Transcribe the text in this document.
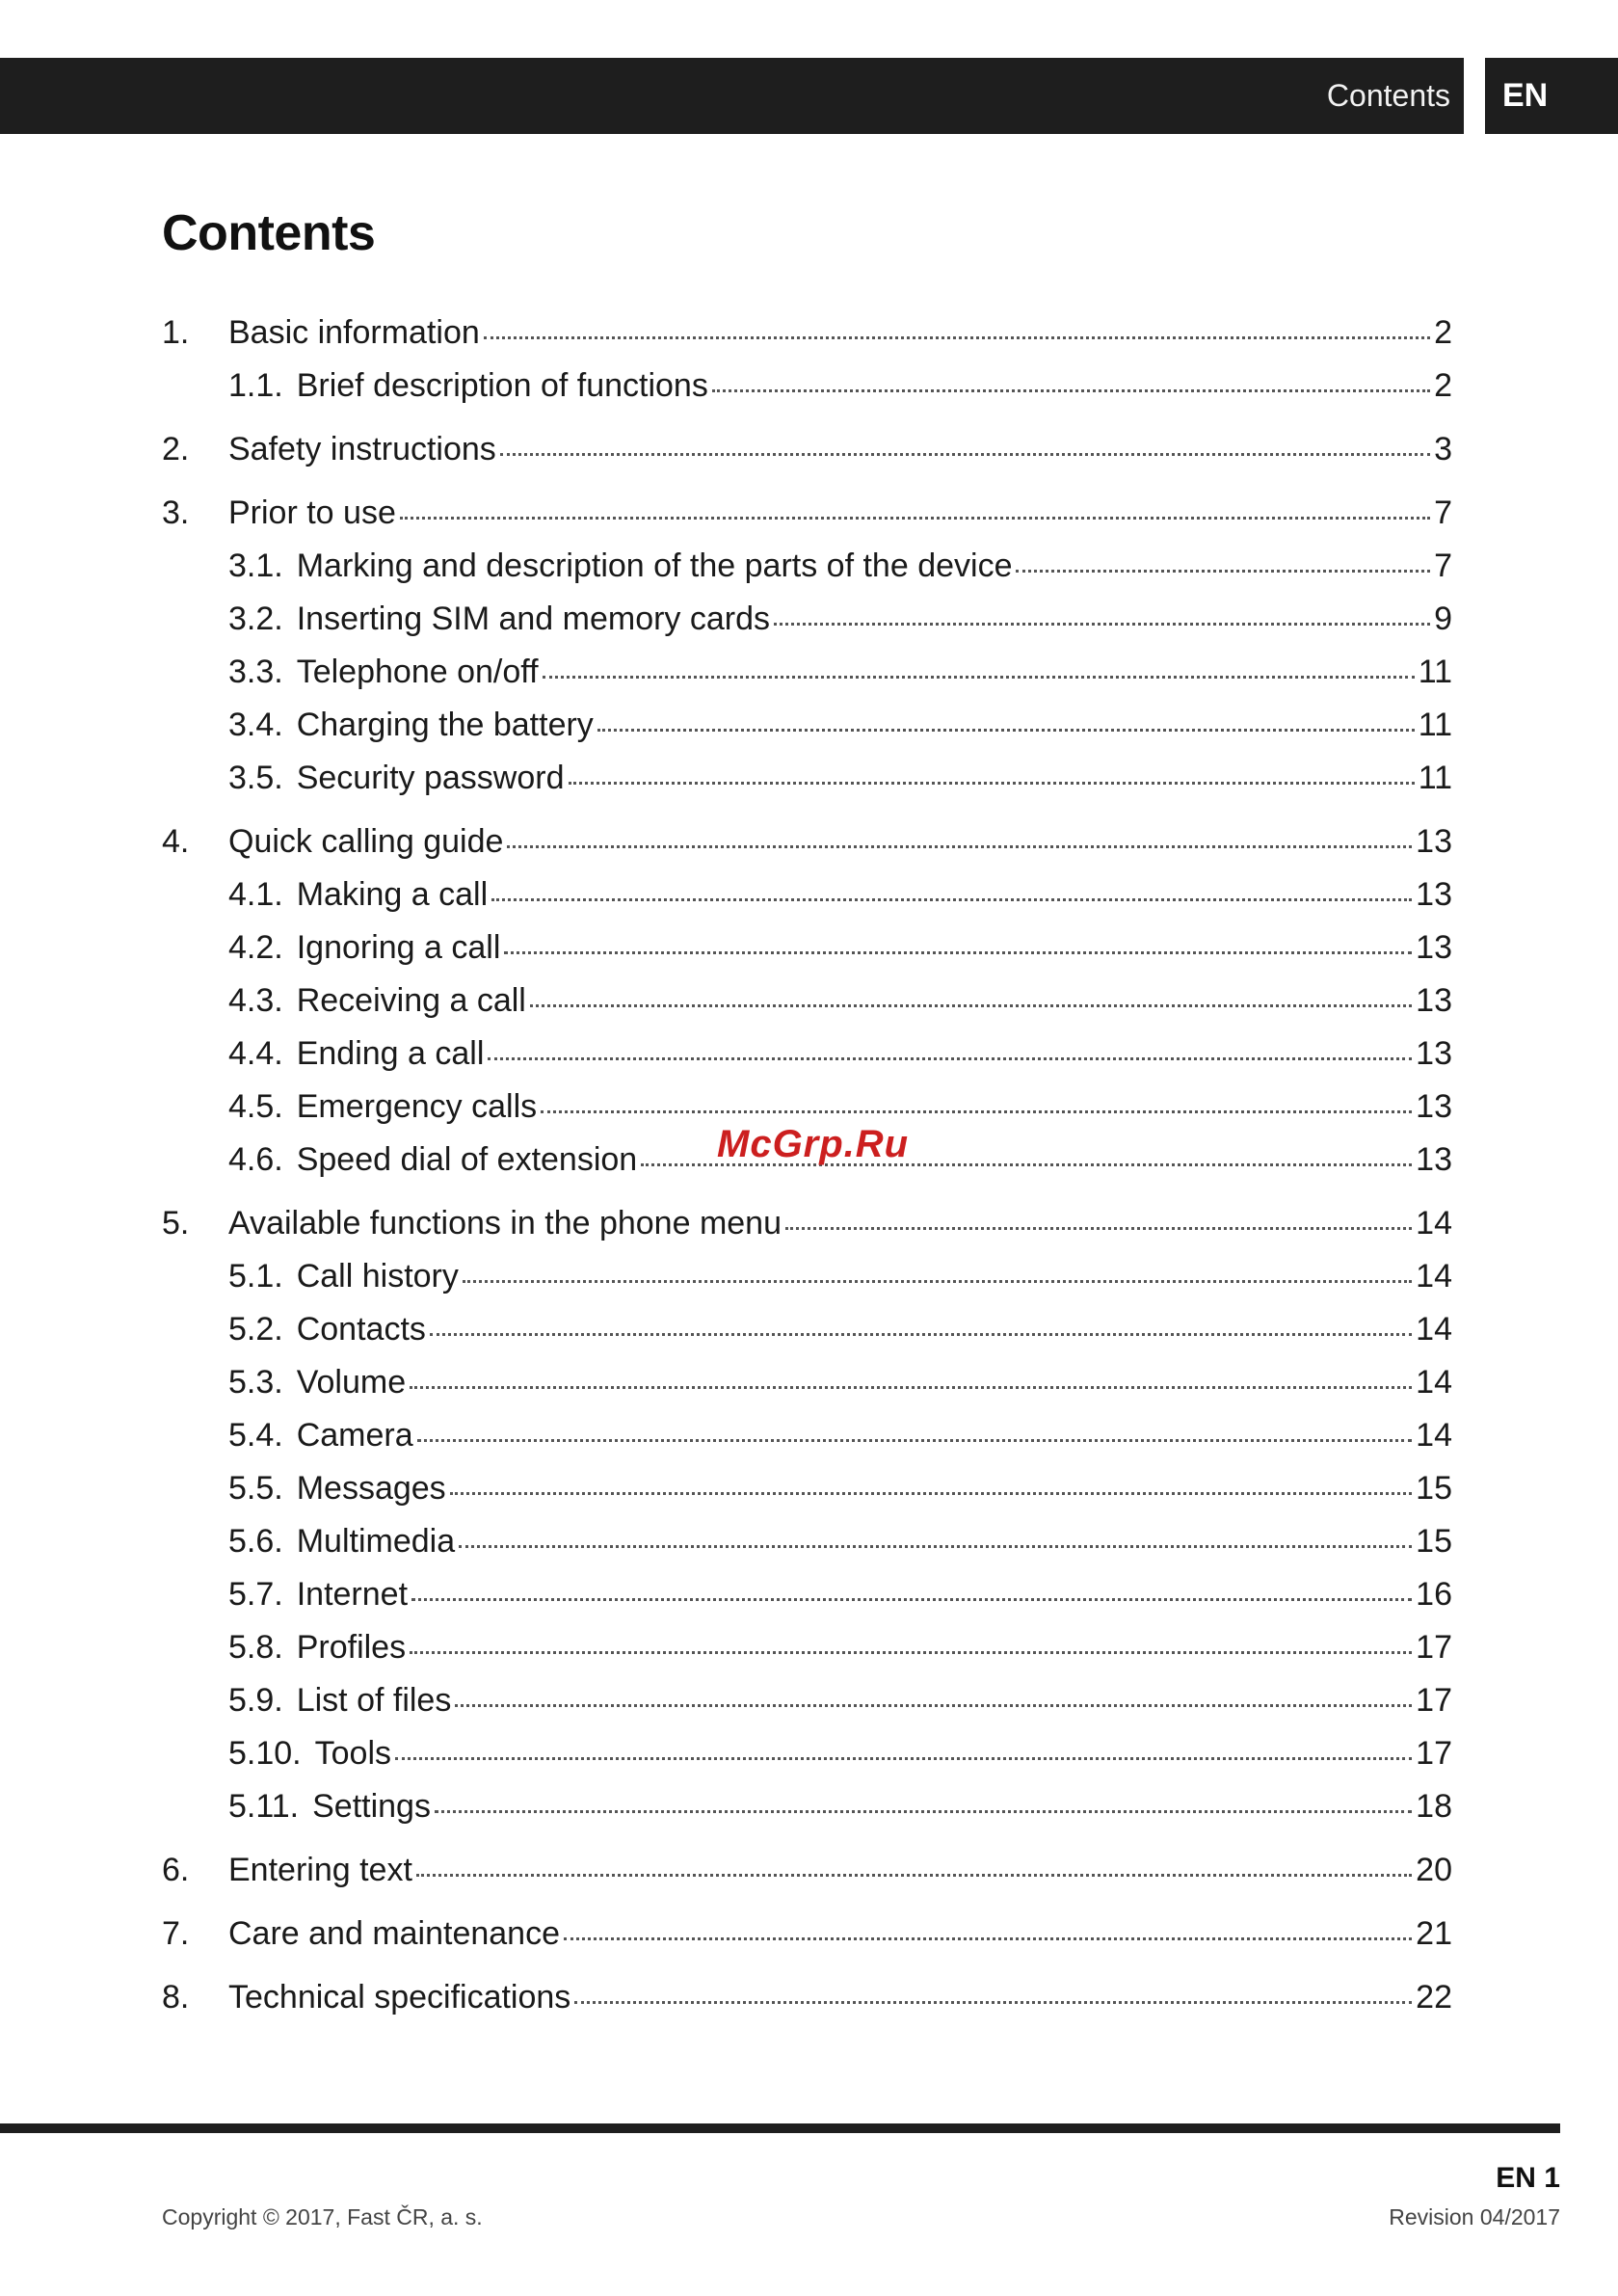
Contents EN
Contents
1.	Basic information	2
1.1. Brief description of functions	2
2.	Safety instructions	3
3.	Prior to use	7
3.1. Marking and description of the parts of the device	7
3.2. Inserting SIM and memory cards	9
3.3. Telephone on/off	11
3.4. Charging the battery	11
3.5. Security password	11
4.	Quick calling guide	13
4.1. Making a call	13
4.2. Ignoring a call	13
4.3. Receiving a call	13
4.4. Ending a call	13
4.5. Emergency calls	13
4.6. Speed dial of extension	13
5.	Available functions in the phone menu	14
5.1. Call history	14
5.2. Contacts	14
5.3. Volume	14
5.4. Camera	14
5.5. Messages	15
5.6. Multimedia	15
5.7. Internet	16
5.8. Profiles	17
5.9. List of files	17
5.10. Tools	17
5.11. Settings	18
6.	Entering text	20
7.	Care and maintenance	21
8.	Technical specifications	22
McGrp.Ru
EN 1
Copyright © 2017, Fast ČR, a. s.	Revision 04/2017
